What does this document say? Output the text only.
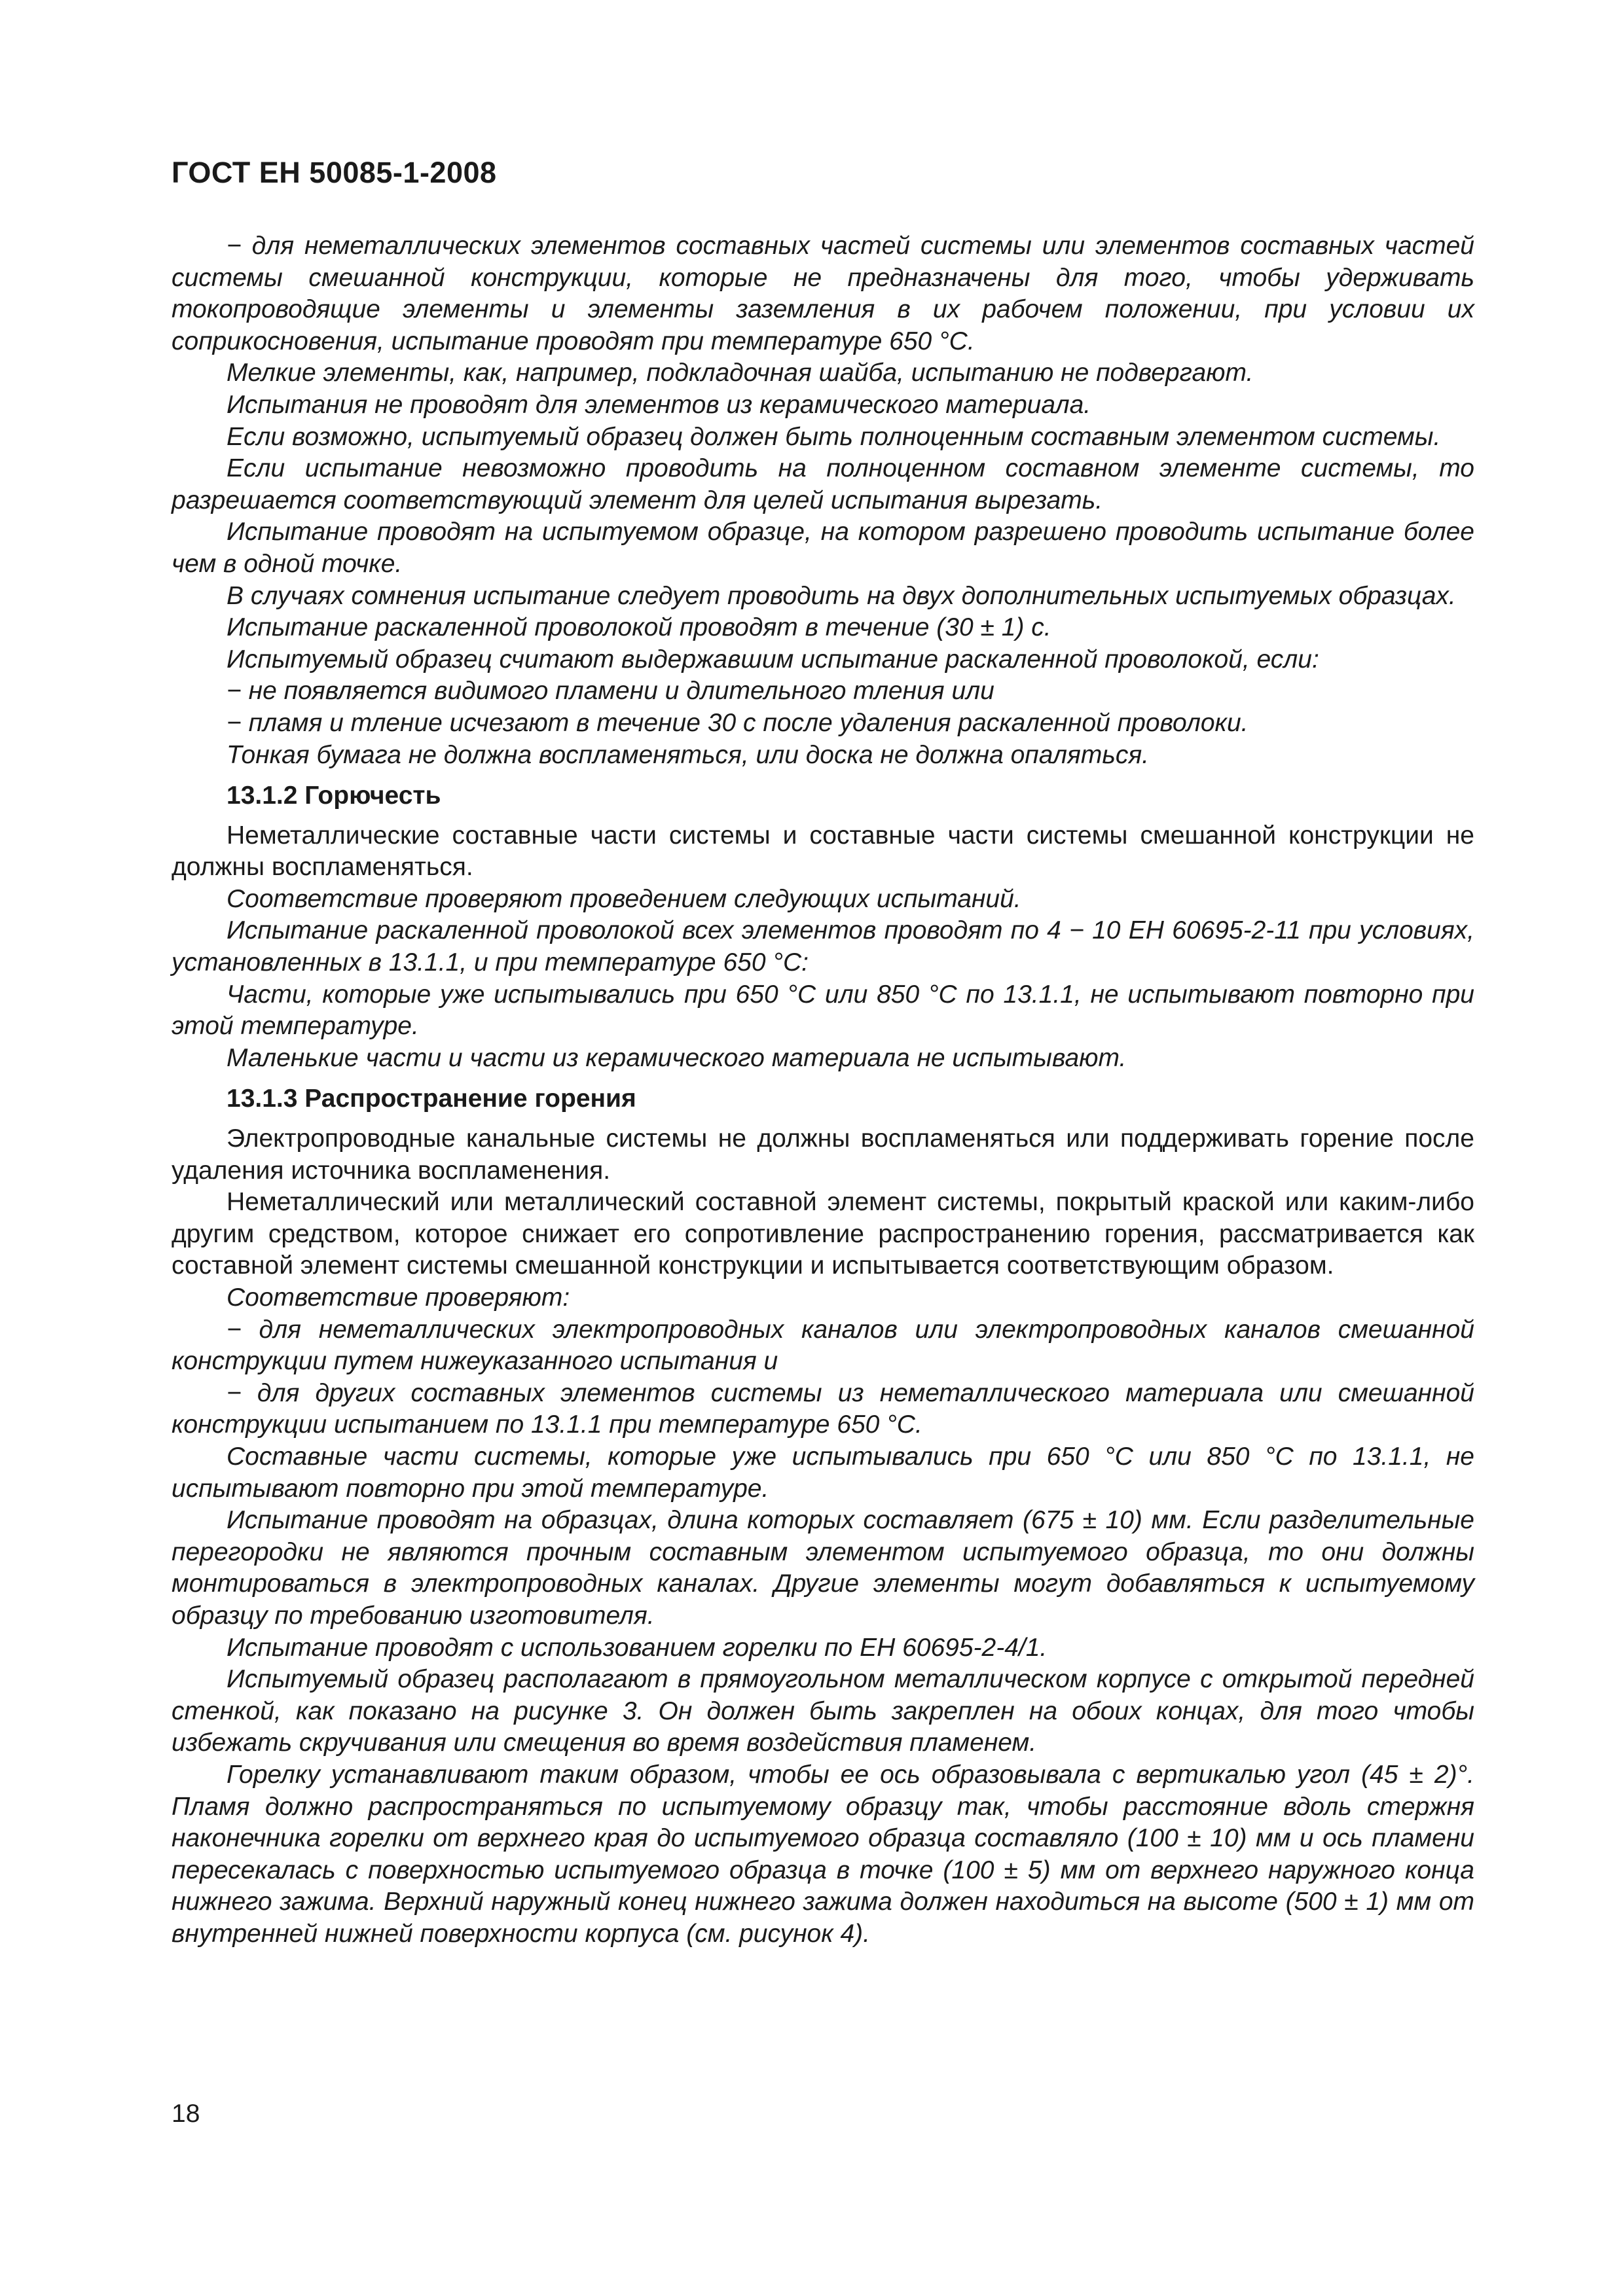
ГОСТ ЕН 50085-1-2008

− для неметаллических элементов составных частей системы или элементов составных частей системы смешанной конструкции, которые не предназначены для того, чтобы удерживать токопроводящие элементы и элементы заземления в их рабочем положении, при условии их соприкосновения, испытание проводят при температуре 650 °С.

Мелкие элементы, как, например, подкладочная шайба, испытанию не подвергают.

Испытания не проводят для элементов из керамического материала.

Если возможно, испытуемый образец должен быть полноценным составным элементом системы.

Если испытание невозможно проводить на полноценном составном элементе системы, то разрешается соответствующий элемент для целей испытания вырезать.

Испытание проводят на испытуемом образце, на котором разрешено проводить испытание более чем в одной точке.

В случаях сомнения испытание следует проводить на двух дополнительных испытуемых образцах.

Испытание раскаленной проволокой проводят в течение (30 ± 1) с.

Испытуемый образец считают выдержавшим испытание раскаленной проволокой, если:

− не появляется видимого пламени и длительного тления или

− пламя и тление исчезают в течение 30 с после удаления раскаленной проволоки.

Тонкая бумага не должна воспламеняться, или доска не должна опаляться.

13.1.2 Горючесть

Неметаллические составные части системы и составные части системы смешанной конструкции не должны воспламеняться.

Соответствие проверяют проведением следующих испытаний.

Испытание раскаленной проволокой всех элементов проводят по 4 − 10 ЕН 60695-2-11 при условиях, установленных в 13.1.1, и при температуре 650 °С:

Части, которые уже испытывались при 650 °С или 850 °С по 13.1.1, не испытывают повторно при этой температуре.

Маленькие части и части из керамического материала не испытывают.

13.1.3 Распространение горения

Электропроводные канальные системы не должны воспламеняться или поддерживать горение после удаления источника воспламенения.

Неметаллический или металлический составной элемент системы, покрытый краской или каким-либо другим средством, которое снижает его сопротивление распространению горения, рассматривается как составной элемент системы смешанной конструкции и испытывается соответствующим образом.

Соответствие проверяют:

− для неметаллических электропроводных каналов или электропроводных каналов смешанной конструкции путем нижеуказанного испытания и

− для других составных элементов системы из неметаллического материала или смешанной конструкции испытанием по 13.1.1 при температуре 650 °С.

Составные части системы, которые уже испытывались при 650 °С или 850 °С по 13.1.1, не испытывают повторно при этой температуре.

Испытание проводят на образцах, длина которых составляет (675 ± 10) мм. Если разделительные перегородки не являются прочным составным элементом испытуемого образца, то они должны монтироваться в электропроводных каналах. Другие элементы могут добавляться к испытуемому образцу по требованию изготовителя.

Испытание проводят с использованием горелки по ЕН 60695-2-4/1.

Испытуемый образец располагают в прямоугольном металлическом корпусе с открытой передней стенкой, как показано на рисунке 3. Он должен быть закреплен на обоих концах, для того чтобы избежать скручивания или смещения во время воздействия пламенем.

Горелку устанавливают таким образом, чтобы ее ось образовывала с вертикалью угол (45 ± 2)°. Пламя должно распространяться по испытуемому образцу так, чтобы расстояние вдоль стержня наконечника горелки от верхнего края до испытуемого образца составляло (100 ± 10) мм и ось пламени пересекалась с поверхностью испытуемого образца в точке (100 ± 5) мм от верхнего наружного конца нижнего зажима. Верхний наружный конец нижнего зажима должен находиться на высоте (500 ± 1) мм от внутренней нижней поверхности корпуса (см. рисунок 4).

18
